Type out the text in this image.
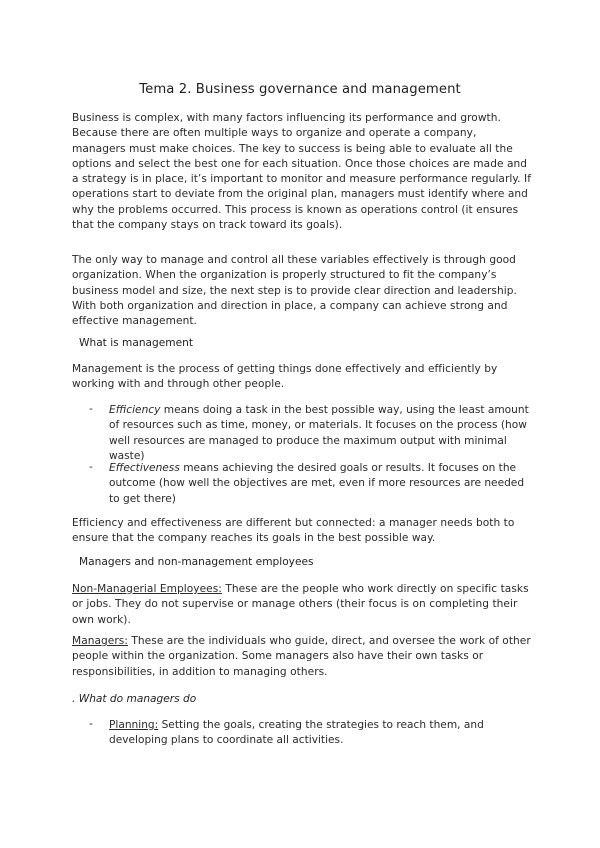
Tema 2. Business governance and management
Business is complex, with many factors influencing its performance and growth. Because there are often multiple ways to organize and operate a company, managers must make choices. The key to success is being able to evaluate all the options and select the best one for each situation. Once those choices are made and a strategy is in place, it’s important to monitor and measure performance regularly. If operations start to deviate from the original plan, managers must identify where and why the problems occurred. This process is known as operations control (it ensures that the company stays on track toward its goals).
The only way to manage and control all these variables effectively is through good organization. When the organization is properly structured to fit the company’s business model and size, the next step is to provide clear direction and leadership. With both organization and direction in place, a company can achieve strong and effective management.
What is management
Management is the process of getting things done effectively and efficiently by working with and through other people.
- Efficiency means doing a task in the best possible way, using the least amount of resources such as time, money, or materials. It focuses on the process (how well resources are managed to produce the maximum output with minimal waste)
- Effectiveness means achieving the desired goals or results. It focuses on the outcome (how well the objectives are met, even if more resources are needed to get there)
Efficiency and effectiveness are different but connected: a manager needs both to ensure that the company reaches its goals in the best possible way.
Managers and non-management employees
Non-Managerial Employees: These are the people who work directly on specific tasks or jobs. They do not supervise or manage others (their focus is on completing their own work).
Managers: These are the individuals who guide, direct, and oversee the work of other people within the organization. Some managers also have their own tasks or responsibilities, in addition to managing others.
. What do managers do
- Planning: Setting the goals, creating the strategies to reach them, and developing plans to coordinate all activities.
